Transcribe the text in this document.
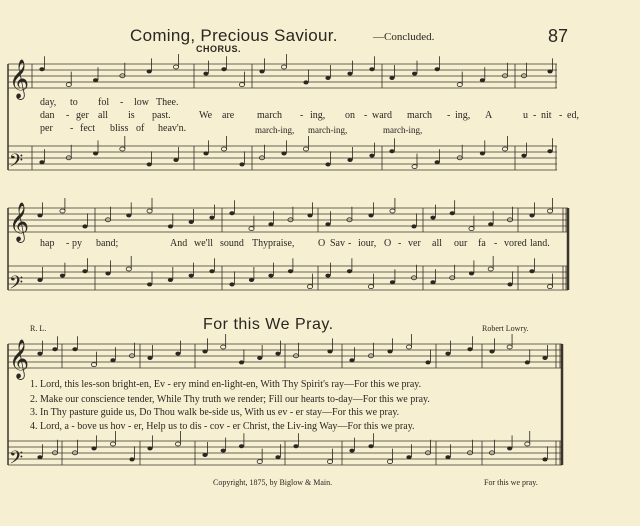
Coming, Precious Saviour.	—Concluded.	87
CHORUS.
𝄞
𝄢
𝄞
𝄢
𝄞
𝄢
day, to fol - low Thee.
dan - ger all is past.
per - fect bliss of heav'n.
We are march - ing, on - ward march - ing, A	u - nit - ed,
march-ing, march-ing,	march-ing,
hap - py band;	And we'll sound Thy praise, O Sav - iour, O - ver all our fa - vored land.
R. L.	For this We Pray.	Robert Lowry.
1. Lord, this les-son bright-en, Ev - ery mind en-light-en, With Thy Spirit's ray—For this we pray.
2. Make our conscience tender, While Thy truth we render; Fill our hearts to-day—For this we pray.
3. In Thy pasture guide us, Do Thou walk be-side us, With us ev - er stay—For this we pray.
4. Lord, a - bove us hov - er, Help us to dis - cov - er Christ, the Liv-ing Way—For this we pray.
Copyright, 1875, by Biglow & Main.	For this we pray.
